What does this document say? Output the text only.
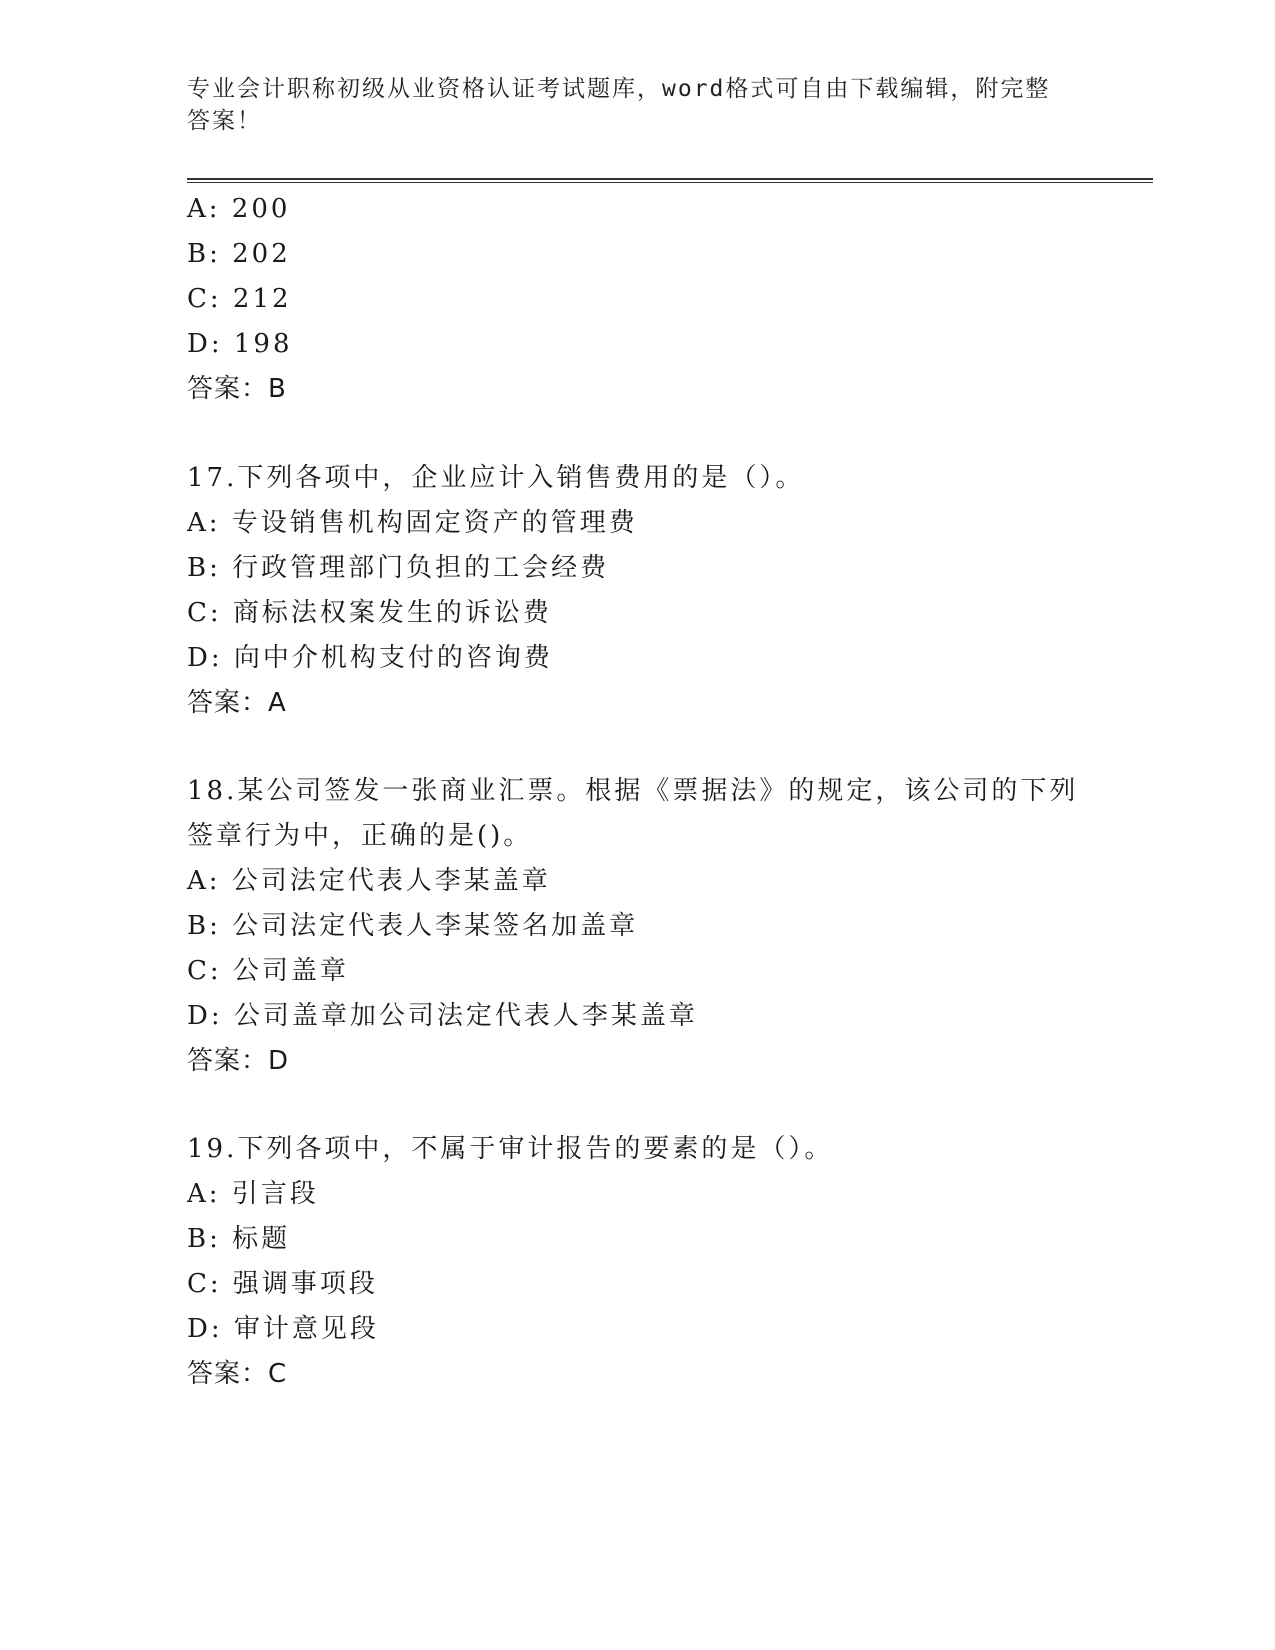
专业会计职称初级从业资格认证考试题库，word格式可自由下载编辑，附完整答案！
A: 200
B: 202
C: 212
D: 198
答案：B
17.下列各项中，企业应计入销售费用的是（）。
A: 专设销售机构固定资产的管理费
B: 行政管理部门负担的工会经费
C: 商标法权案发生的诉讼费
D: 向中介机构支付的咨询费
答案：A
18.某公司签发一张商业汇票。根据《票据法》的规定，该公司的下列
签章行为中，正确的是()。
A: 公司法定代表人李某盖章
B: 公司法定代表人李某签名加盖章
C: 公司盖章
D: 公司盖章加公司法定代表人李某盖章
答案：D
19.下列各项中，不属于审计报告的要素的是（）。
A: 引言段
B: 标题
C: 强调事项段
D: 审计意见段
答案：C
